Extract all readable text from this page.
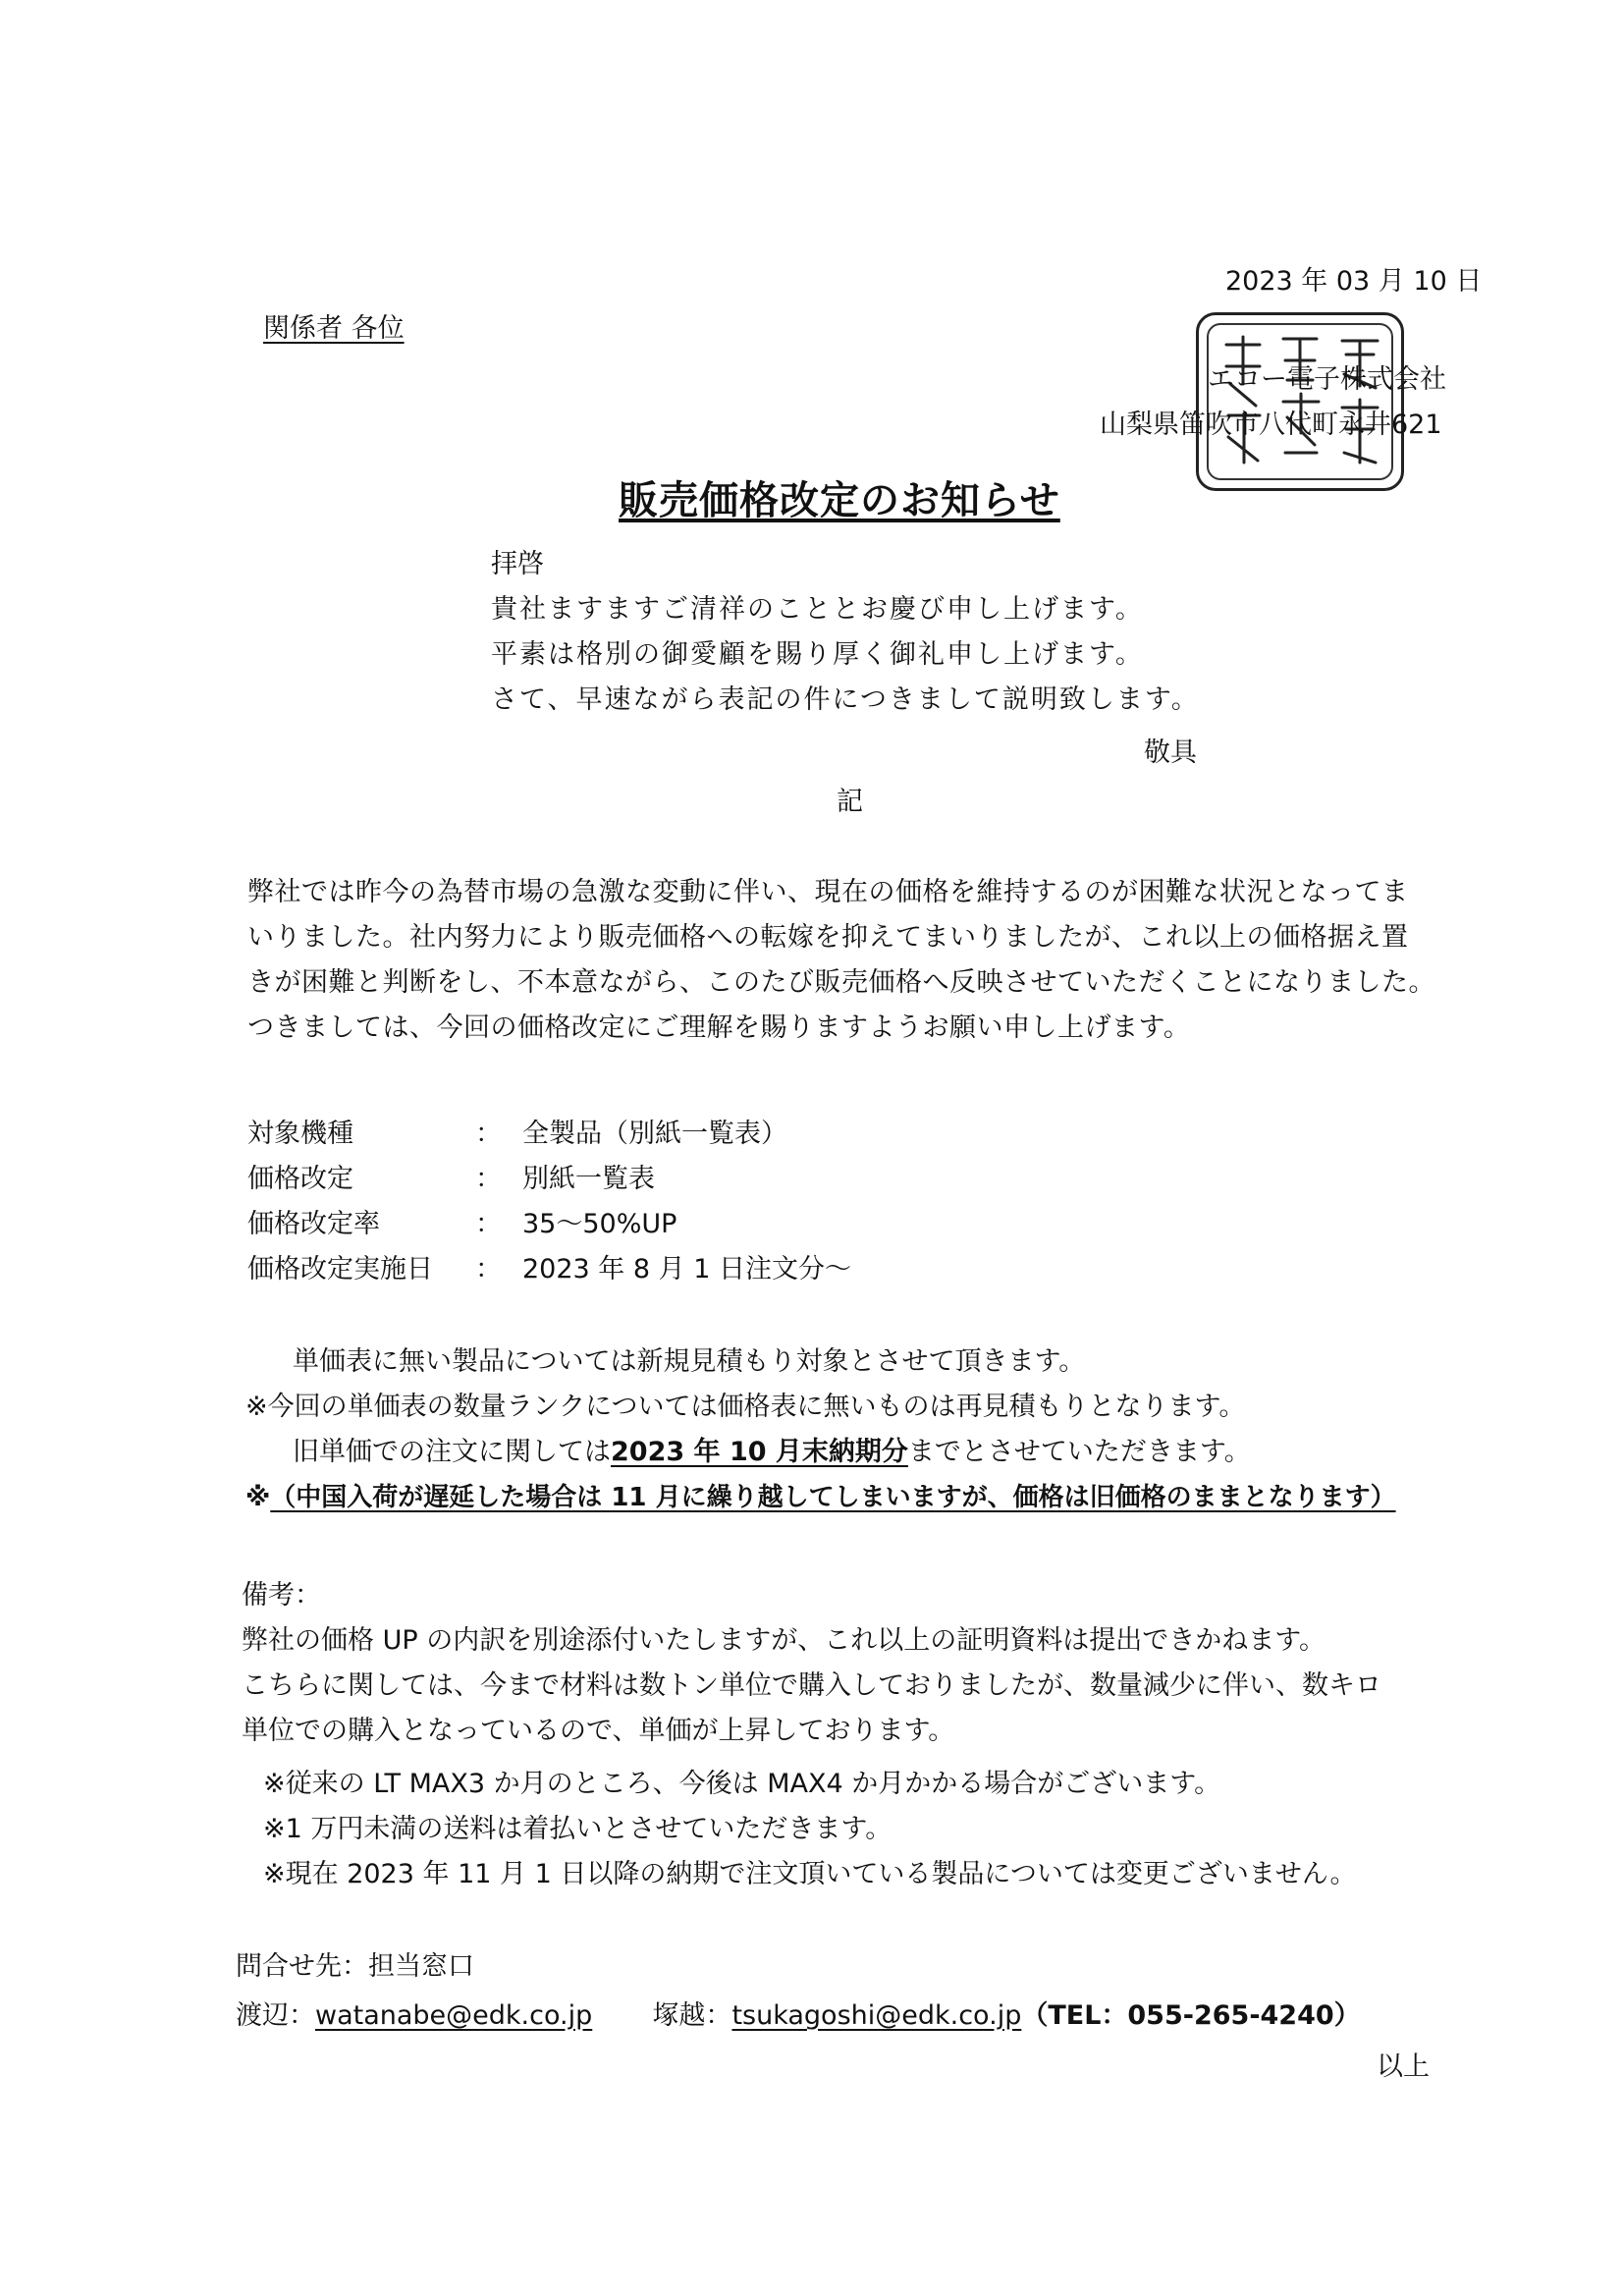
2023 年 03 月 10 日
関係者 各位
エコー電子株式会社
山梨県笛吹市八代町永井621
販売価格改定のお知らせ
拝啓
貴社ますますご清祥のこととお慶び申し上げます。
平素は格別の御愛顧を賜り厚く御礼申し上げます。
さて、早速ながら表記の件につきまして説明致します。
敬具
記
弊社では昨今の為替市場の急激な変動に伴い、現在の価格を維持するのが困難な状況となってま
いりました。社内努力により販売価格への転嫁を抑えてまいりましたが、これ以上の価格据え置
きが困難と判断をし、不本意ながら、このたび販売価格へ反映させていただくことになりました。
つきましては、今回の価格改定にご理解を賜りますようお願い申し上げます。
対象機種	： 全製品（別紙一覧表）
価格改定	： 別紙一覧表
価格改定率	： 35～50%UP
価格改定実施日 ： 2023 年 8 月 1 日注文分～
単価表に無い製品については新規見積もり対象とさせて頂きます。
※今回の単価表の数量ランクについては価格表に無いものは再見積もりとなります。
旧単価での注文に関しては2023 年 10 月末納期分までとさせていただきます。
※（中国入荷が遅延した場合は 11 月に繰り越してしまいますが、価格は旧価格のままとなります）
備考：
弊社の価格 UP の内訳を別途添付いたしますが、これ以上の証明資料は提出できかねます。
こちらに関しては、今まで材料は数トン単位で購入しておりましたが、数量減少に伴い、数キロ
単位での購入となっているので、単価が上昇しております。
※従来の LT MAX3 か月のところ、今後は MAX4 か月かかる場合がございます。
※1 万円未満の送料は着払いとさせていただきます。
※現在 2023 年 11 月 1 日以降の納期で注文頂いている製品については変更ございません。
問合せ先：担当窓口
渡辺：watanabe@edk.co.jp 塚越：tsukagoshi@edk.co.jp（TEL：055-265-4240）
以上
